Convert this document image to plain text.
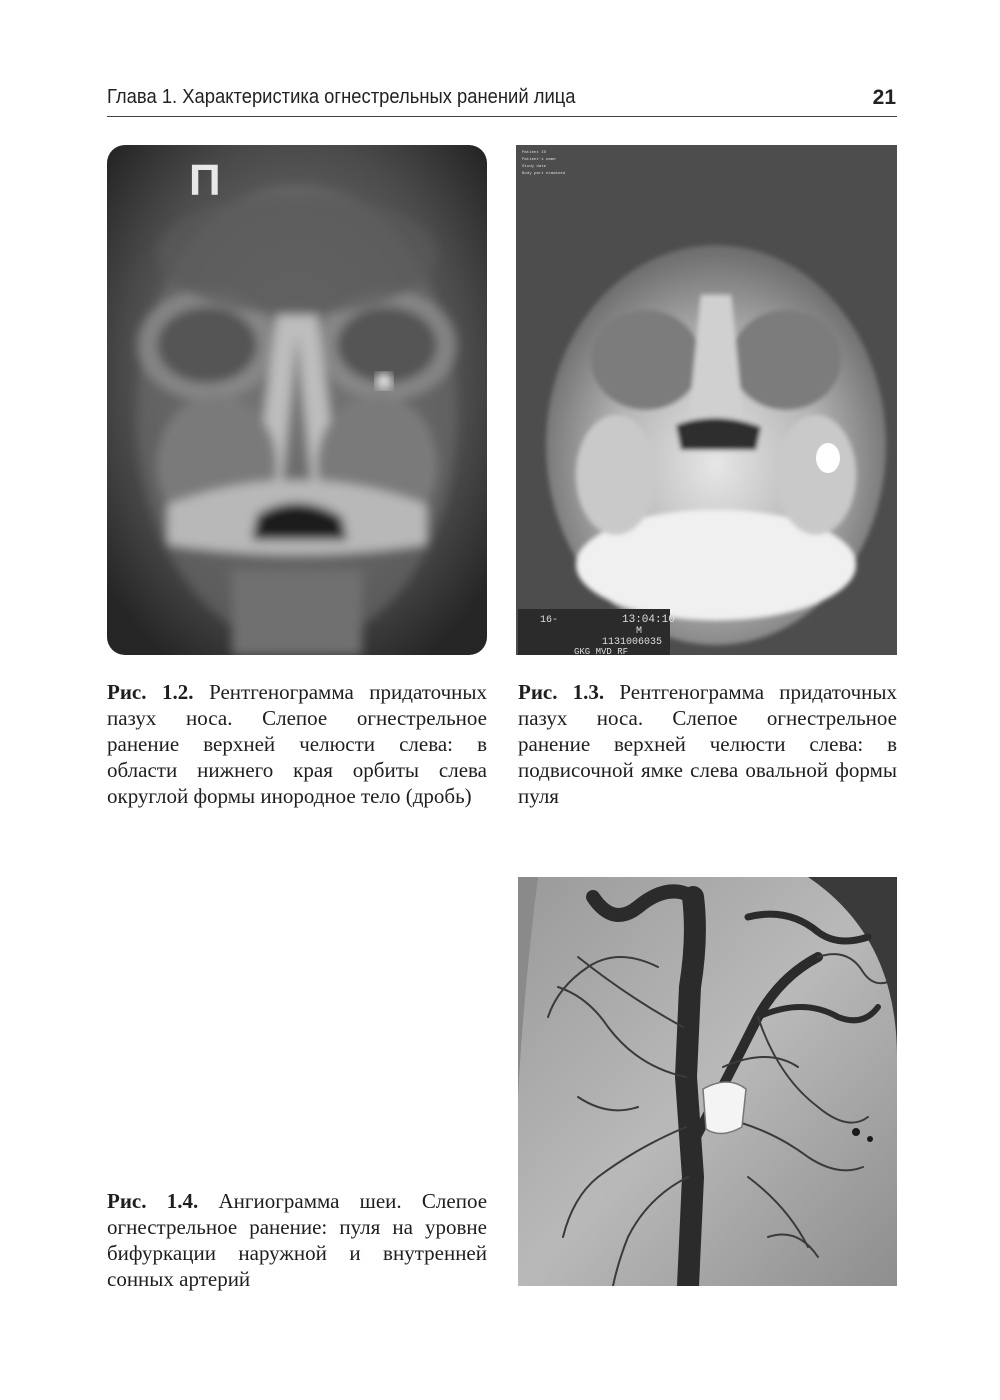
Глава 1. Характеристика огнестрельных ранений лица	21
П
Patient ID
Patient's name
Study date
Body part examined
13:04:10
M
1131006035
16-
GKG MVD RF
Рис. 1.2. Рентгенограмма придаточных пазух носа. Слепое огнестрельное ранение верхней челюсти слева: в области нижнего края орбиты слева округлой формы инородное тело (дробь)
Рис. 1.3. Рентгенограмма придаточных пазух носа. Слепое огнестрельное ранение верхней челюсти слева: в подвисочной ямке слева овальной формы пуля
Рис. 1.4. Ангиограмма шеи. Слепое огнестрельное ранение: пуля на уровне бифуркации наружной и внутренней сонных артерий
